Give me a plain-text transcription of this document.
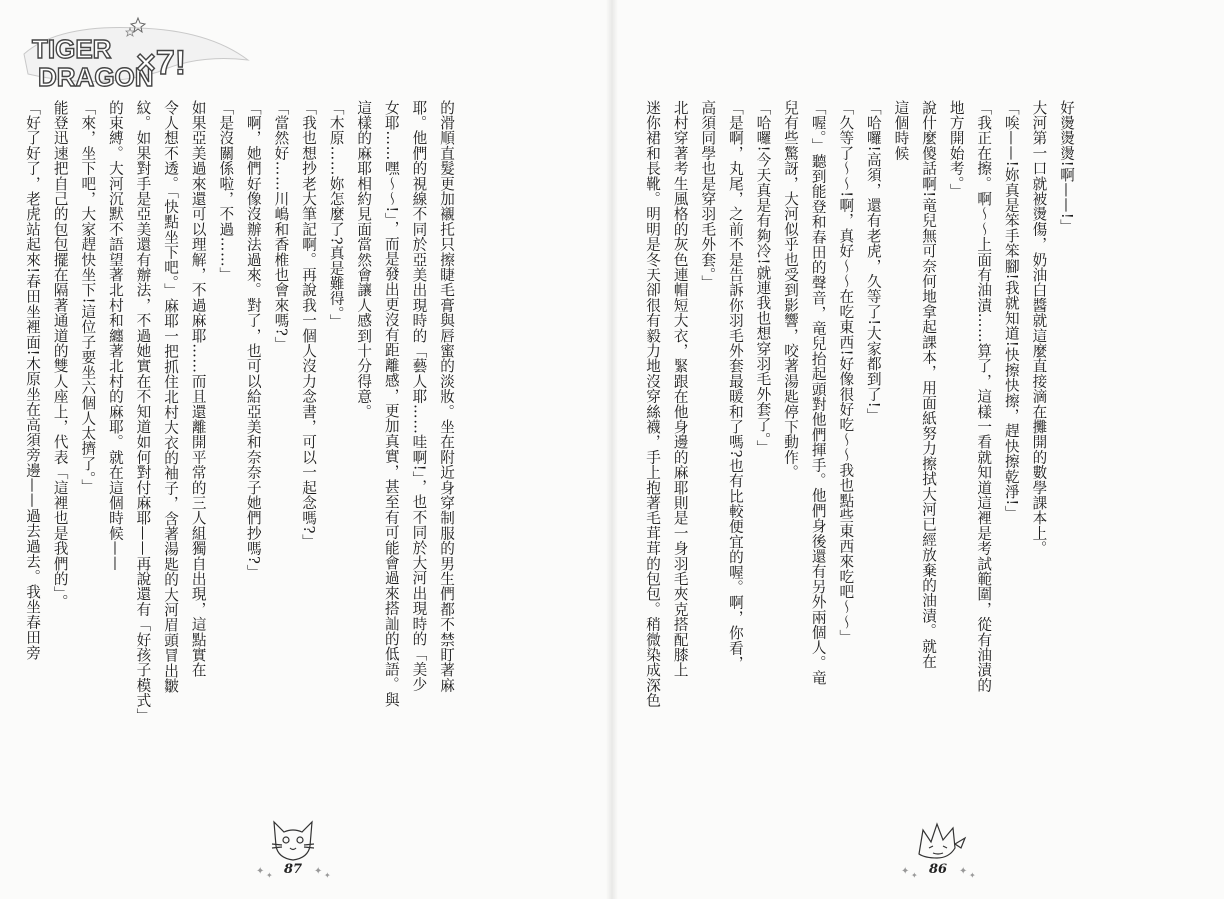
TIGER
DRAGON
×7!
的滑順直髮更加襯托只擦睫毛膏與唇蜜的淡妝。坐在附近身穿制服的男生們都不禁盯著麻
耶。他們的視線不同於亞美出現時的「藝人耶……哇啊!」，也不同於大河出現時的「美少
女耶……嘿〜〜!」，而是發出更沒有距離感，更加真實，甚至有可能會過來搭訕的低語。與
這樣的麻耶相約見面當然會讓人感到十分得意。
「木原……妳怎麼了?真是難得。」
「我也想抄老大筆記啊。再說我一個人沒力念書，可以一起念嗎?」
「當然好……川嶋和香椎也會來嗎?」
「啊，她們好像沒辦法過來。對了，也可以給亞美和奈奈子她們抄嗎?」
「是沒關係啦，不過……」
如果亞美過來還可以理解，不過麻耶……而且還離開平常的三人組獨自出現，這點實在
令人想不透。「快點坐下吧。」麻耶一把抓住北村大衣的袖子，含著湯匙的大河眉頭冒出皺
紋。如果對手是亞美還有辦法，不過她實在不知道如何對付麻耶——再說還有「好孩子模式」
的束縛。大河沉默不語望著北村和纏著北村的麻耶。就在這個時候——
「來，坐下吧，大家趕快坐下!這位子要坐六個人太擠了。」
能登迅速把自己的包包擺在隔著通道的雙人座上，代表「這裡也是我們的」。
「好了好了，老虎站起來!春田坐裡面!木原坐在高須旁邊——過去過去。我坐春田旁	好燙燙燙!啊——!」
大河第一口就被燙傷，奶油白醬就這麼直接滴在攤開的數學課本上。
「唉——!妳真是笨手笨腳!我就知道!快擦快擦，趕快擦乾淨!」
「我正在擦。啊〜〜上面有油漬……算了，這樣一看就知道這裡是考試範圍，從有油漬的
地方開始考。」
說什麼傻話啊!竜兒無可奈何地拿起課本，用面紙努力擦拭大河已經放棄的油漬。就在
這個時候
「哈囉!高須，還有老虎，久等了!大家都到了!」
「久等了〜〜!啊，真好〜〜在吃東西!好像很好吃〜〜我也點些東西來吃吧〜〜」
「喔。」聽到能登和春田的聲音，竜兒抬起頭對他們揮手。他們身後還有另外兩個人。竜
兒有些驚訝，大河似乎也受到影響，咬著湯匙停下動作。
「哈囉!今天真是有夠冷!就連我也想穿羽毛外套了。」
「是啊，丸尾，之前不是告訴你羽毛外套最暖和了嗎?也有比較便宜的喔。啊，你看，
高須同學也是穿羽毛外套。」
北村穿著考生風格的灰色連帽短大衣，緊跟在他身邊的麻耶則是一身羽毛夾克搭配膝上
迷你裙和長靴。明明是冬天卻很有毅力地沒穿絲襪，手上抱著毛茸茸的包包。稍微染成深色
✦ ✦	✦ ✦
87	✦ ✦	✦ ✦
86
